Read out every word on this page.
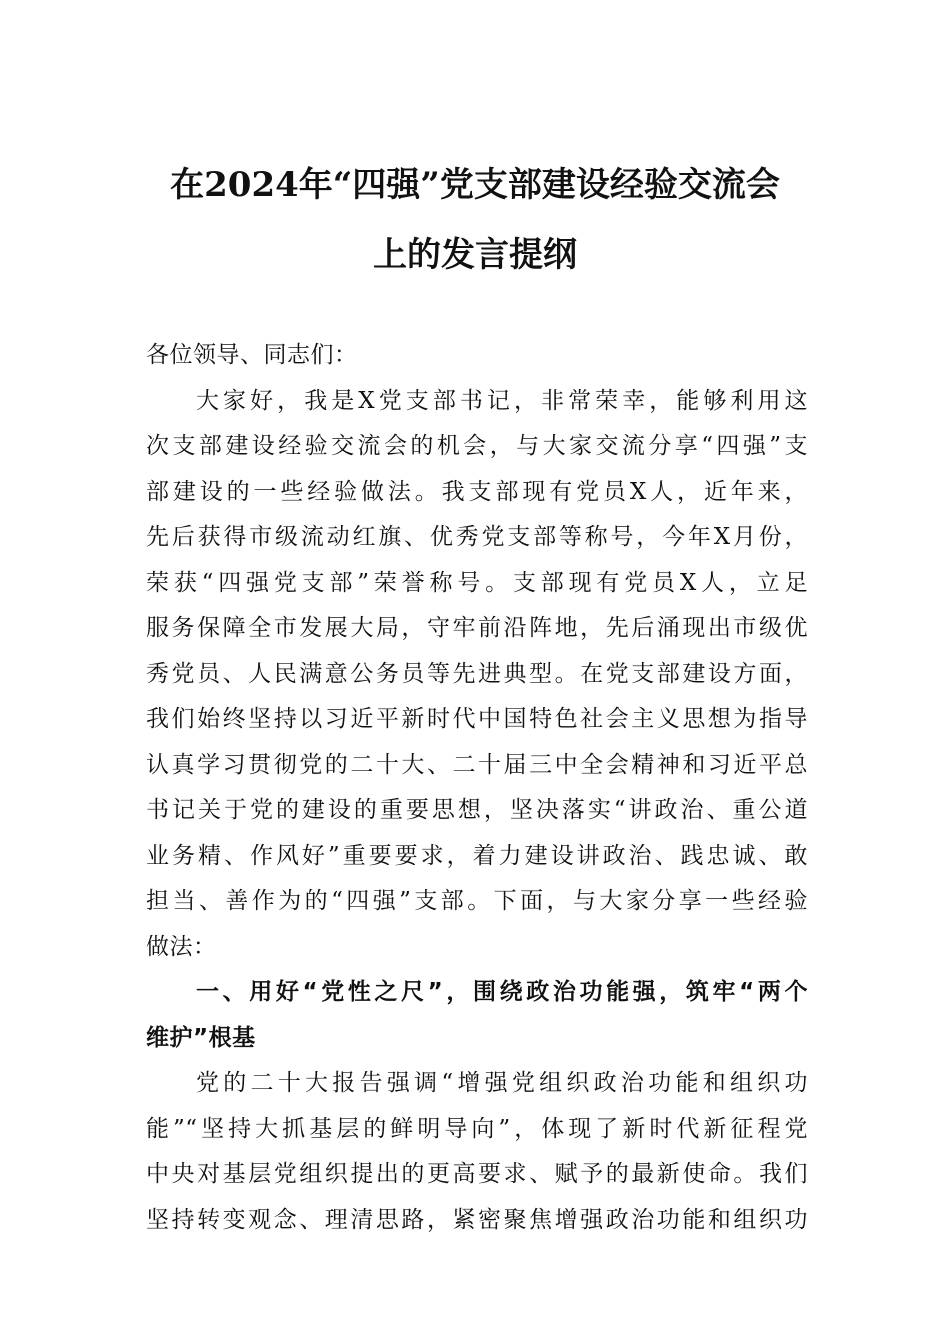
在2024年“四强”党支部建设经验交流会
上的发言提纲
各位领导、同志们：
大家好，我是X党支部书记，非常荣幸，能够利用这
次支部建设经验交流会的机会，与大家交流分享“四强”支
部建设的一些经验做法。我支部现有党员X人，近年来，
先后获得市级流动红旗、优秀党支部等称号，今年X月份，
荣获“四强党支部”荣誉称号。支部现有党员X人，立足
服务保障全市发展大局，守牢前沿阵地，先后涌现出市级优
秀党员、人民满意公务员等先进典型。在党支部建设方面，
我们始终坚持以习近平新时代中国特色社会主义思想为指导
认真学习贯彻党的二十大、二十届三中全会精神和习近平总
书记关于党的建设的重要思想，坚决落实“讲政治、重公道
业务精、作风好”重要要求，着力建设讲政治、践忠诚、敢
担当、善作为的“四强”支部。下面，与大家分享一些经验
做法：
一、用好“党性之尺”，围绕政治功能强，筑牢“两个
维护”根基
党的二十大报告强调“增强党组织政治功能和组织功
能”“坚持大抓基层的鲜明导向”，体现了新时代新征程党
中央对基层党组织提出的更高要求、赋予的最新使命。我们
坚持转变观念、理清思路，紧密聚焦增强政治功能和组织功
